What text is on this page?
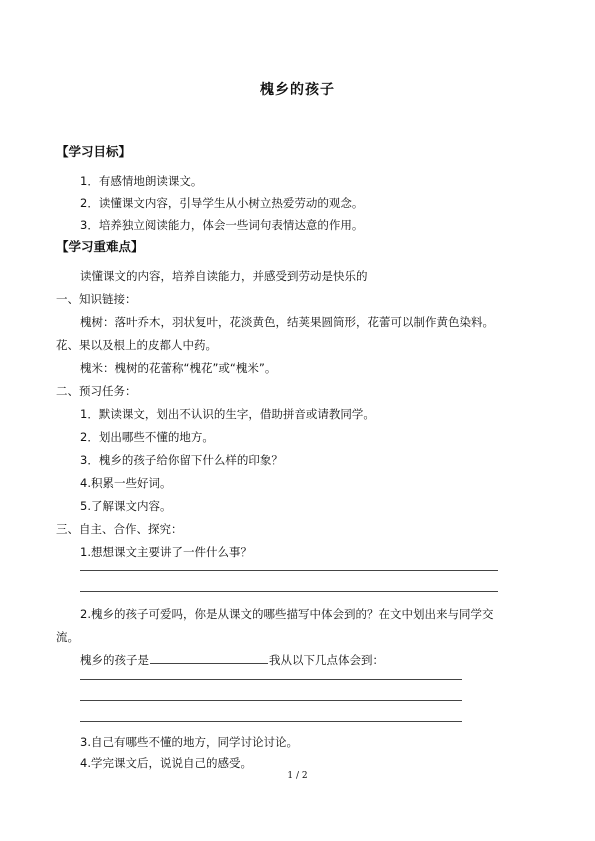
槐乡的孩子
【学习目标】
1．有感情地朗读课文。
2．读懂课文内容，引导学生从小树立热爱劳动的观念。
3．培养独立阅读能力，体会一些词句表情达意的作用。
【学习重难点】
读懂课文的内容，培养自读能力，并感受到劳动是快乐的
一、知识链接：
槐树：落叶乔木，羽状复叶，花淡黄色，结荚果圆筒形，花蕾可以制作黄色染料。
花、果以及根上的皮都人中药。
槐米：槐树的花蕾称“槐花”或“槐米”。
二、预习任务：
1．默读课文，划出不认识的生字，借助拼音或请教同学。
2．划出哪些不懂的地方。
3．槐乡的孩子给你留下什么样的印象？
4.积累一些好词。
5.了解课文内容。
三、自主、合作、探究：
1.想想课文主要讲了一件什么事？
2.槐乡的孩子可爱吗，你是从课文的哪些描写中体会到的？在文中划出来与同学交
流。
槐乡的孩子是	我从以下几点体会到：
3.自己有哪些不懂的地方，同学讨论讨论。
4.学完课文后，说说自己的感受。
1 / 2
